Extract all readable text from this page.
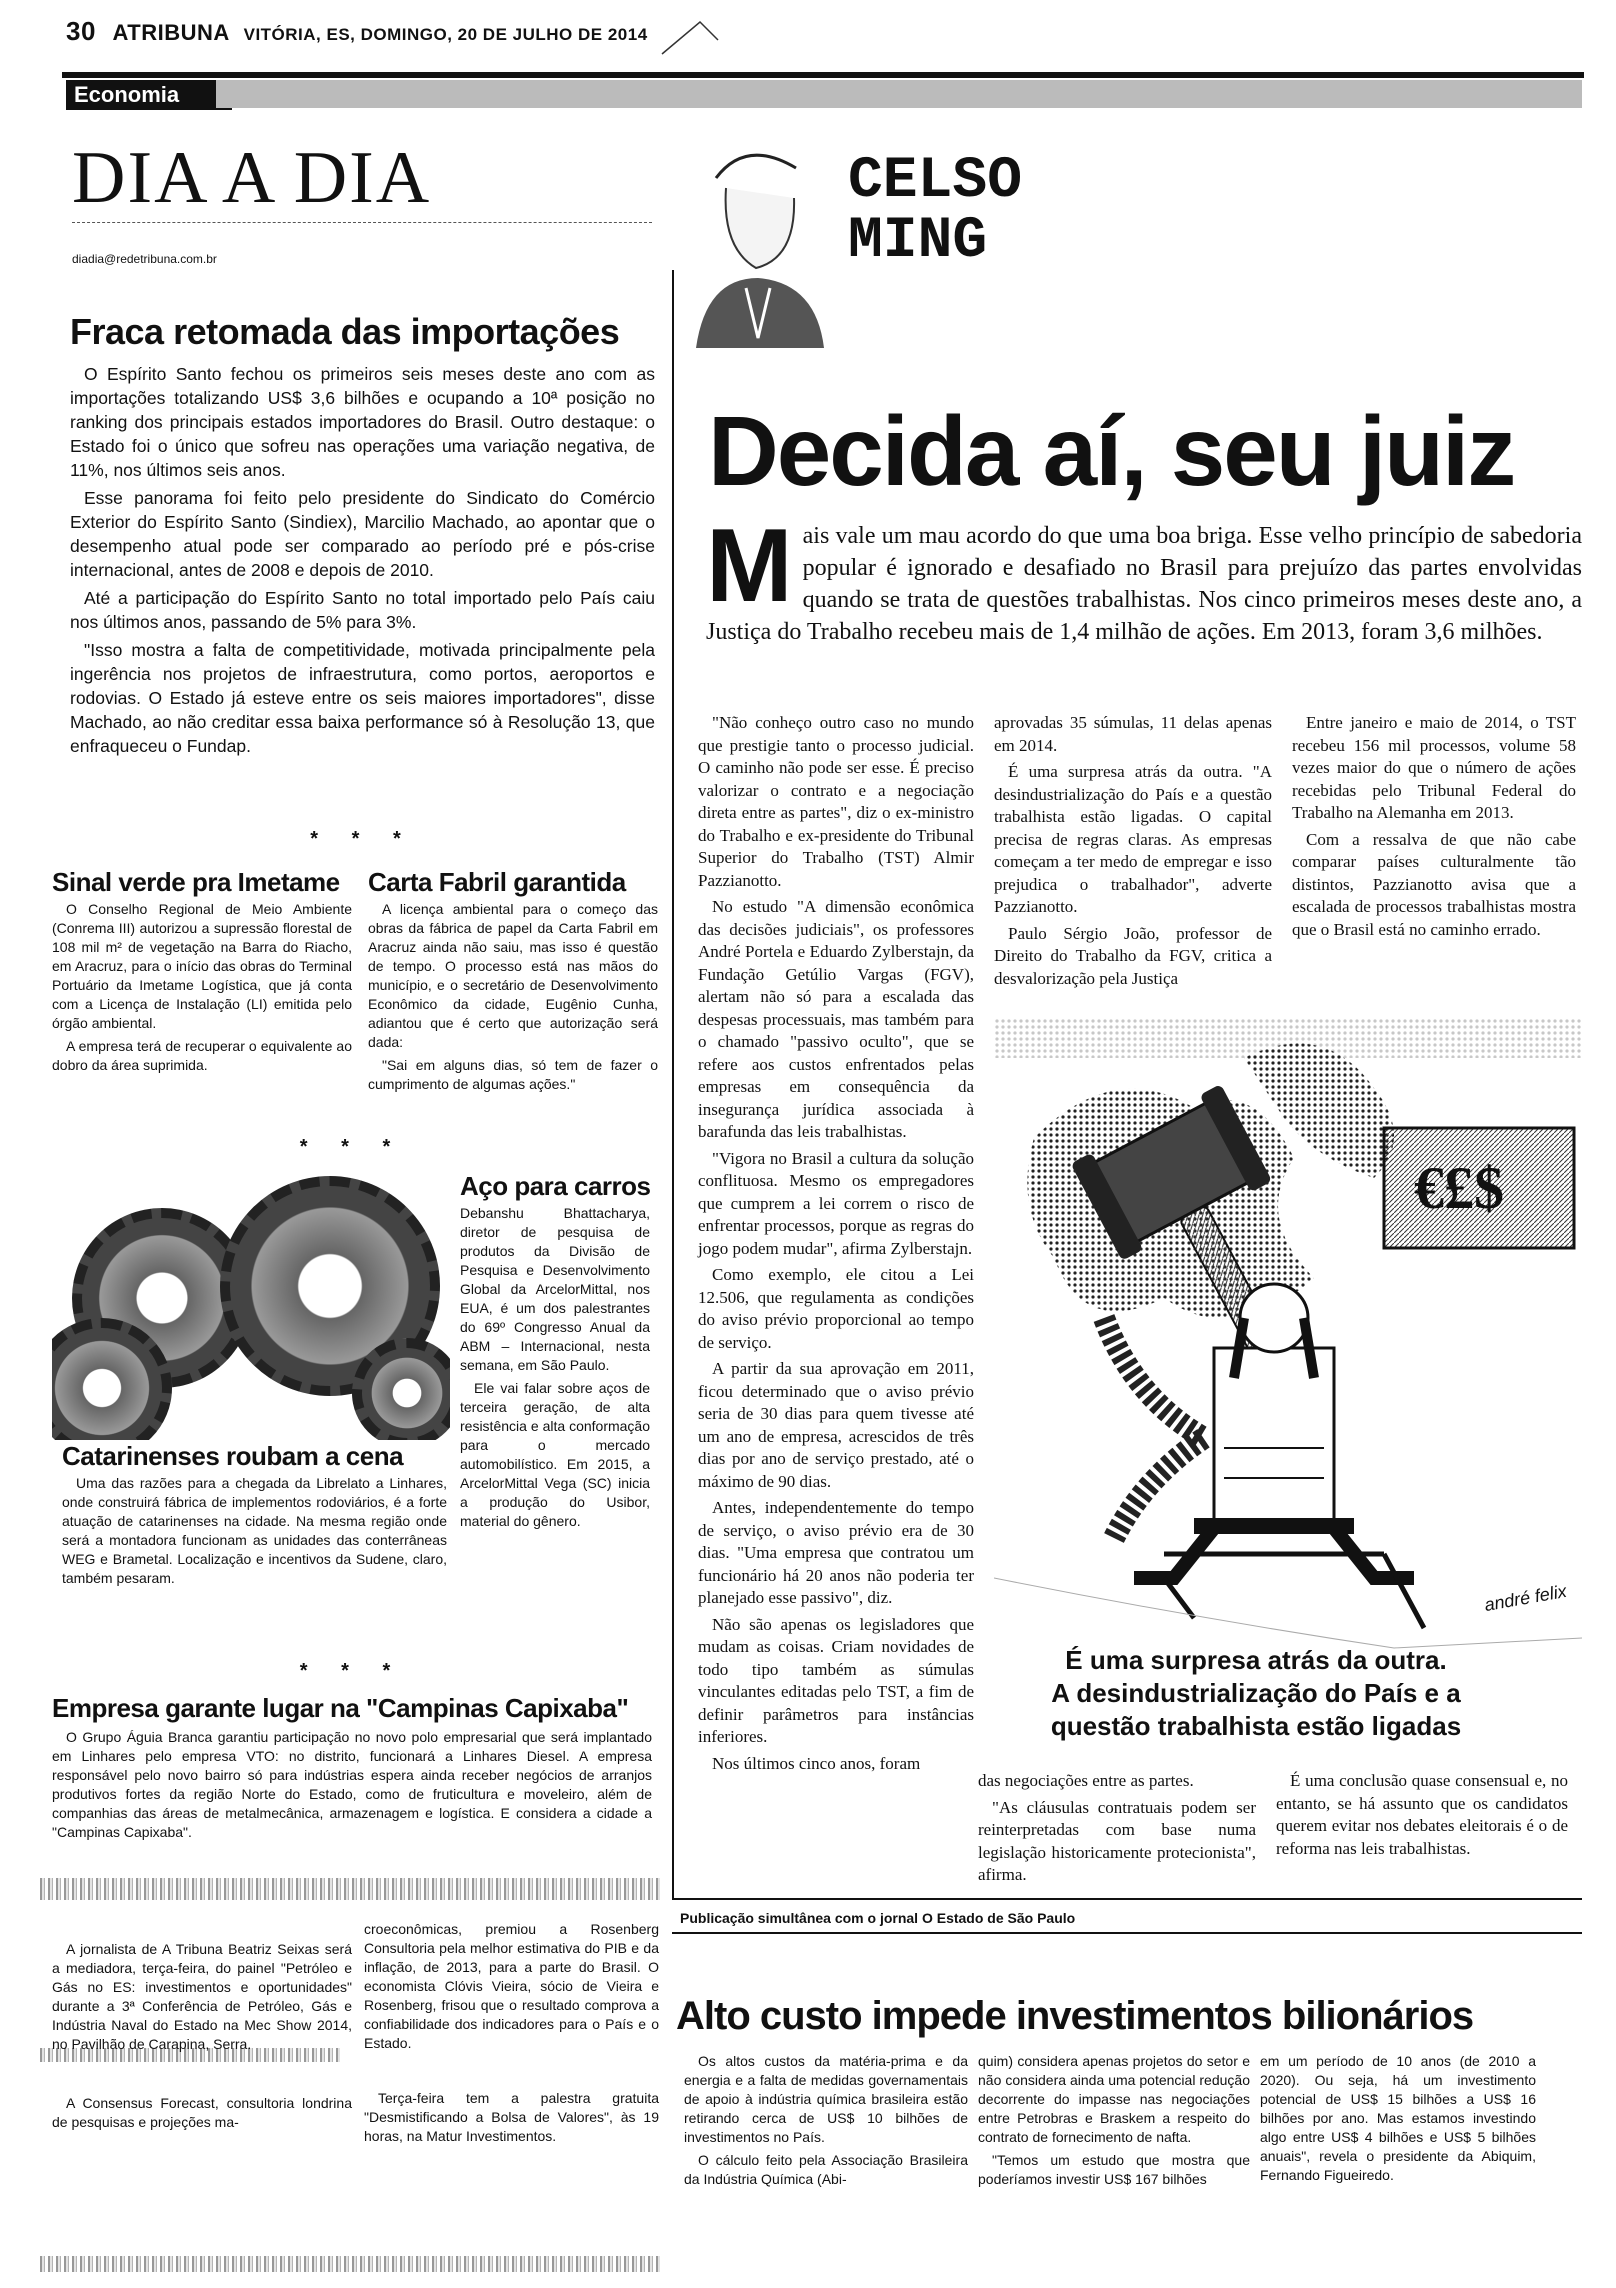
30 ATRIBUNA VITÓRIA, ES, DOMINGO, 20 DE JULHO DE 2014
Economia
DIA A DIA
diadia@redetribuna.com.br
Fraca retomada das importações

O Espírito Santo fechou os primeiros seis meses deste ano com as importações totalizando US$ 3,6 bilhões e ocupando a 10ª posição no ranking dos principais estados importadores do Brasil. Outro destaque: o Estado foi o único que sofreu nas operações uma variação negativa, de 11%, nos últimos seis anos.

Esse panorama foi feito pelo presidente do Sindicato do Comércio Exterior do Espírito Santo (Sindiex), Marcilio Machado, ao apontar que o desempenho atual pode ser comparado ao período pré e pós-crise internacional, antes de 2008 e depois de 2010.

Até a participação do Espírito Santo no total importado pelo País caiu nos últimos anos, passando de 5% para 3%.

"Isso mostra a falta de competitividade, motivada principalmente pela ingerência nos projetos de infraestrutura, como portos, aeroportos e rodovias. O Estado já esteve entre os seis maiores importadores", disse Machado, ao não creditar essa baixa performance só à Resolução 13, que enfraqueceu o Fundap.

* * *
Sinal verde pra Imetame

O Conselho Regional de Meio Ambiente (Conrema III) autorizou a supressão florestal de 108 mil m² de vegetação na Barra do Riacho, em Aracruz, para o início das obras do Terminal Portuário da Imetame Logística, que já conta com a Licença de Instalação (LI) emitida pelo órgão ambiental.

A empresa terá de recuperar o equivalente ao dobro da área suprimida.

Carta Fabril garantida

A licença ambiental para o começo das obras da fábrica de papel da Carta Fabril em Aracruz ainda não saiu, mas isso é questão de tempo. O processo está nas mãos do município, e o secretário de Desenvolvimento Econômico da cidade, Eugênio Cunha, adiantou que é certo que autorização será dada:

"Sai em alguns dias, só tem de fazer o cumprimento de algumas ações."

* * *
Aço para carros

Debanshu Bhattacharya, diretor de pesquisa de produtos da Divisão de Pesquisa e Desenvolvimento Global da ArcelorMittal, nos EUA, é um dos palestrantes do 69º Congresso Anual da ABM – Internacional, nesta semana, em São Paulo.

Ele vai falar sobre aços de terceira geração, de alta resistência e alta conformação para o mercado automobilístico. Em 2015, a ArcelorMittal Vega (SC) inicia a produção do Usibor, material do gênero.

Catarinenses roubam a cena

Uma das razões para a chegada da Librelato a Linhares, onde construirá fábrica de implementos rodoviários, é a forte atuação de catarinenses na cidade. Na mesma região onde será a montadora funcionam as unidades das conterrâneas WEG e Brametal. Localização e incentivos da Sudene, claro, também pesaram.

* * *
Empresa garante lugar na "Campinas Capixaba"

O Grupo Águia Branca garantiu participação no novo polo empresarial que será implantado em Linhares pelo empresa VTO: no distrito, funcionará a Linhares Diesel. A empresa responsável pelo novo bairro só para indústrias espera ainda receber negócios de arranjos produtivos fortes da região Norte do Estado, como de fruticultura e moveleiro, além de companhias das áreas de metalmecânica, armazenagem e logística. E considera a cidade a "Campinas Capixaba".

A jornalista de A Tribuna Beatriz Seixas será a mediadora, terça-feira, do painel "Petróleo e Gás no ES: investimentos e oportunidades" durante a 3ª Conferência de Petróleo, Gás e Indústria Naval do Estado na Mec Show 2014, no Pavilhão de Carapina, Serra.

A Consensus Forecast, consultoria londrina de pesquisas e projeções ma-

croeconômicas, premiou a Rosenberg Consultoria pela melhor estimativa do PIB e da inflação, de 2013, para a parte do Brasil. O economista Clóvis Vieira, sócio de Vieira e Rosenberg, frisou que o resultado comprova a confiabilidade dos indicadores para o País e o Estado.

Terça-feira tem a palestra gratuita "Desmistificando a Bolsa de Valores", às 19 horas, na Matur Investimentos.

CELSO
MING
Decida aí, seu juiz
Mais vale um mau acordo do que uma boa briga. Esse velho princípio de sabedoria popular é ignorado e desafiado no Brasil para prejuízo das partes envolvidas quando se trata de questões trabalhistas. Nos cinco primeiros meses deste ano, a Justiça do Trabalho recebeu mais de 1,4 milhão de ações. Em 2013, foram 3,6 milhões.

"Não conheço outro caso no mundo que prestigie tanto o processo judicial. O caminho não pode ser esse. É preciso valorizar o contrato e a negociação direta entre as partes", diz o ex-ministro do Trabalho e ex-presidente do Tribunal Superior do Trabalho (TST) Almir Pazzianotto.

No estudo "A dimensão econômica das decisões judiciais", os professores André Portela e Eduardo Zylberstajn, da Fundação Getúlio Vargas (FGV), alertam não só para a escalada das despesas processuais, mas também para o chamado "passivo oculto", que se refere aos custos enfrentados pelas empresas em consequência da insegurança jurídica associada à barafunda das leis trabalhistas.

"Vigora no Brasil a cultura da solução conflituosa. Mesmo os empregadores que cumprem a lei correm o risco de enfrentar processos, porque as regras do jogo podem mudar", afirma Zylberstajn.

Como exemplo, ele citou a Lei 12.506, que regulamenta as condições do aviso prévio proporcional ao tempo de serviço.

A partir da sua aprovação em 2011, ficou determinado que o aviso prévio seria de 30 dias para quem tivesse até um ano de empresa, acrescidos de três dias por ano de serviço prestado, até o máximo de 90 dias.

Antes, independentemente do tempo de serviço, o aviso prévio era de 30 dias. "Uma empresa que contratou um funcionário há 20 anos não poderia ter planejado esse passivo", diz.

Não são apenas os legisladores que mudam as coisas. Criam novidades de todo tipo também as súmulas vinculantes editadas pelo TST, a fim de definir parâmetros para instâncias inferiores.

Nos últimos cinco anos, foram

aprovadas 35 súmulas, 11 delas apenas em 2014.

É uma surpresa atrás da outra. "A desindustrialização do País e a questão trabalhista estão ligadas. O capital precisa de regras claras. As empresas começam a ter medo de empregar e isso prejudica o trabalhador", adverte Pazzianotto.

Paulo Sérgio João, professor de Direito do Trabalho da FGV, critica a desvalorização pela Justiça

Entre janeiro e maio de 2014, o TST recebeu 156 mil processos, volume 58 vezes maior do que o número de ações recebidas pelo Tribunal Federal do Trabalho na Alemanha em 2013.

Com a ressalva de que não cabe comparar países culturalmente tão distintos, Pazzianotto avisa que a escalada de processos trabalhistas mostra que o Brasil está no caminho errado.

€£$
andré felix
É uma surpresa atrás da outra.
A desindustrialização do País e a
questão trabalhista estão ligadas

das negociações entre as partes.

"As cláusulas contratuais podem ser reinterpretadas com base numa legislação historicamente protecionista", afirma.

É uma conclusão quase consensual e, no entanto, se há assunto que os candidatos querem evitar nos debates eleitorais é o de reforma nas leis trabalhistas.

Publicação simultânea com o jornal O Estado de São Paulo
Alto custo impede investimentos bilionários

Os altos custos da matéria-prima e da energia e a falta de medidas governamentais de apoio à indústria química brasileira estão retirando cerca de US$ 10 bilhões de investimentos no País.

O cálculo feito pela Associação Brasileira da Indústria Química (Abi-

quim) considera apenas projetos do setor e não considera ainda uma potencial redução decorrente do impasse nas negociações entre Petrobras e Braskem a respeito do contrato de fornecimento de nafta.

"Temos um estudo que mostra que poderíamos investir US$ 167 bilhões

em um período de 10 anos (de 2010 a 2020). Ou seja, há um investimento potencial de US$ 15 bilhões a US$ 16 bilhões por ano. Mas estamos investindo algo entre US$ 4 bilhões e US$ 5 bilhões anuais", revela o presidente da Abiquim, Fernando Figueiredo.
